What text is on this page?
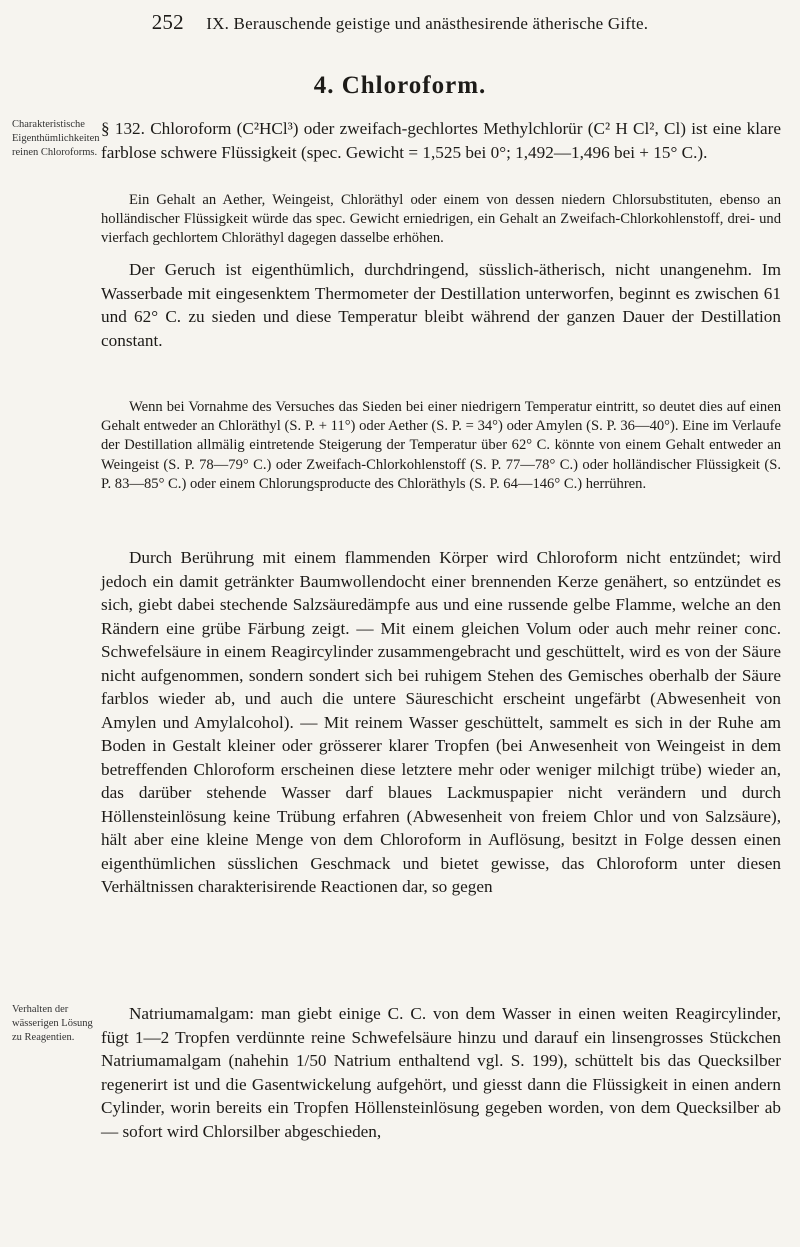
252 IX. Berauschende geistige und anästhesirende ätherische Gifte.
4. Chloroform.
Charakteristische Eigenthümlichkeiten reinen Chloroforms.

§ 132. Chloroform (C²HCl³) oder zweifach-gechlortes Methylchlorür (C² H Cl², Cl) ist eine klare farblose schwere Flüssigkeit (spec. Gewicht = 1,525 bei 0°; 1,492—1,496 bei + 15° C.).

Ein Gehalt an Aether, Weingeist, Chloräthyl oder einem von dessen niedern Chlorsubstituten, ebenso an holländischer Flüssigkeit würde das spec. Gewicht erniedrigen, ein Gehalt an Zweifach-Chlorkohlenstoff, drei- und vierfach gechlortem Chloräthyl dagegen dasselbe erhöhen.

Der Geruch ist eigenthümlich, durchdringend, süsslich-ätherisch, nicht unangenehm. Im Wasserbade mit eingesenktem Thermometer der Destillation unterworfen, beginnt es zwischen 61 und 62° C. zu sieden und diese Temperatur bleibt während der ganzen Dauer der Destillation constant.

Wenn bei Vornahme des Versuches das Sieden bei einer niedrigern Temperatur eintritt, so deutet dies auf einen Gehalt entweder an Chloräthyl (S. P. + 11°) oder Aether (S. P. = 34°) oder Amylen (S. P. 36—40°). Eine im Verlaufe der Destillation allmälig eintretende Steigerung der Temperatur über 62° C. könnte von einem Gehalt entweder an Weingeist (S. P. 78—79° C.) oder Zweifach-Chlorkohlenstoff (S. P. 77—78° C.) oder holländischer Flüssigkeit (S. P. 83—85° C.) oder einem Chlorungsproducte des Chloräthyls (S. P. 64—146° C.) herrühren.

Durch Berührung mit einem flammenden Körper wird Chloroform nicht entzündet; wird jedoch ein damit getränkter Baumwollendocht einer brennenden Kerze genähert, so entzündet es sich, giebt dabei stechende Salzsäuredämpfe aus und eine russende gelbe Flamme, welche an den Rändern eine grübe Färbung zeigt. — Mit einem gleichen Volum oder auch mehr reiner conc. Schwefelsäure in einem Reagircylinder zusammengebracht und geschüttelt, wird es von der Säure nicht aufgenommen, sondern sondert sich bei ruhigem Stehen des Gemisches oberhalb der Säure farblos wieder ab, und auch die untere Säureschicht erscheint ungefärbt (Abwesenheit von Amylen und Amylalcohol). — Mit reinem Wasser geschüttelt, sammelt es sich in der Ruhe am Boden in Gestalt kleiner oder grösserer klarer Tropfen (bei Anwesenheit von Weingeist in dem betreffenden Chloroform erscheinen diese letztere mehr oder weniger milchigt trübe) wieder an, das darüber stehende Wasser darf blaues Lackmuspapier nicht verändern und durch Höllensteinlösung keine Trübung erfahren (Abwesenheit von freiem Chlor und von Salzsäure), hält aber eine kleine Menge von dem Chloroform in Auflösung, besitzt in Folge dessen einen eigenthümlichen süsslichen Geschmack und bietet gewisse, das Chloroform unter diesen Verhältnissen charakterisirende Reactionen dar, so gegen

Verhalten der wässerigen Lösung zu Reagentien.

Natriumamalgam: man giebt einige C. C. von dem Wasser in einen weiten Reagircylinder, fügt 1—2 Tropfen verdünnte reine Schwefelsäure hinzu und darauf ein linsengrosses Stückchen Natriumamalgam (nahehin 1/50 Natrium enthaltend vgl. S. 199), schüttelt bis das Quecksilber regenerirt ist und die Gasentwickelung aufgehört, und giesst dann die Flüssigkeit in einen andern Cylinder, worin bereits ein Tropfen Höllensteinlösung gegeben worden, von dem Quecksilber ab — sofort wird Chlorsilber abgeschieden,
